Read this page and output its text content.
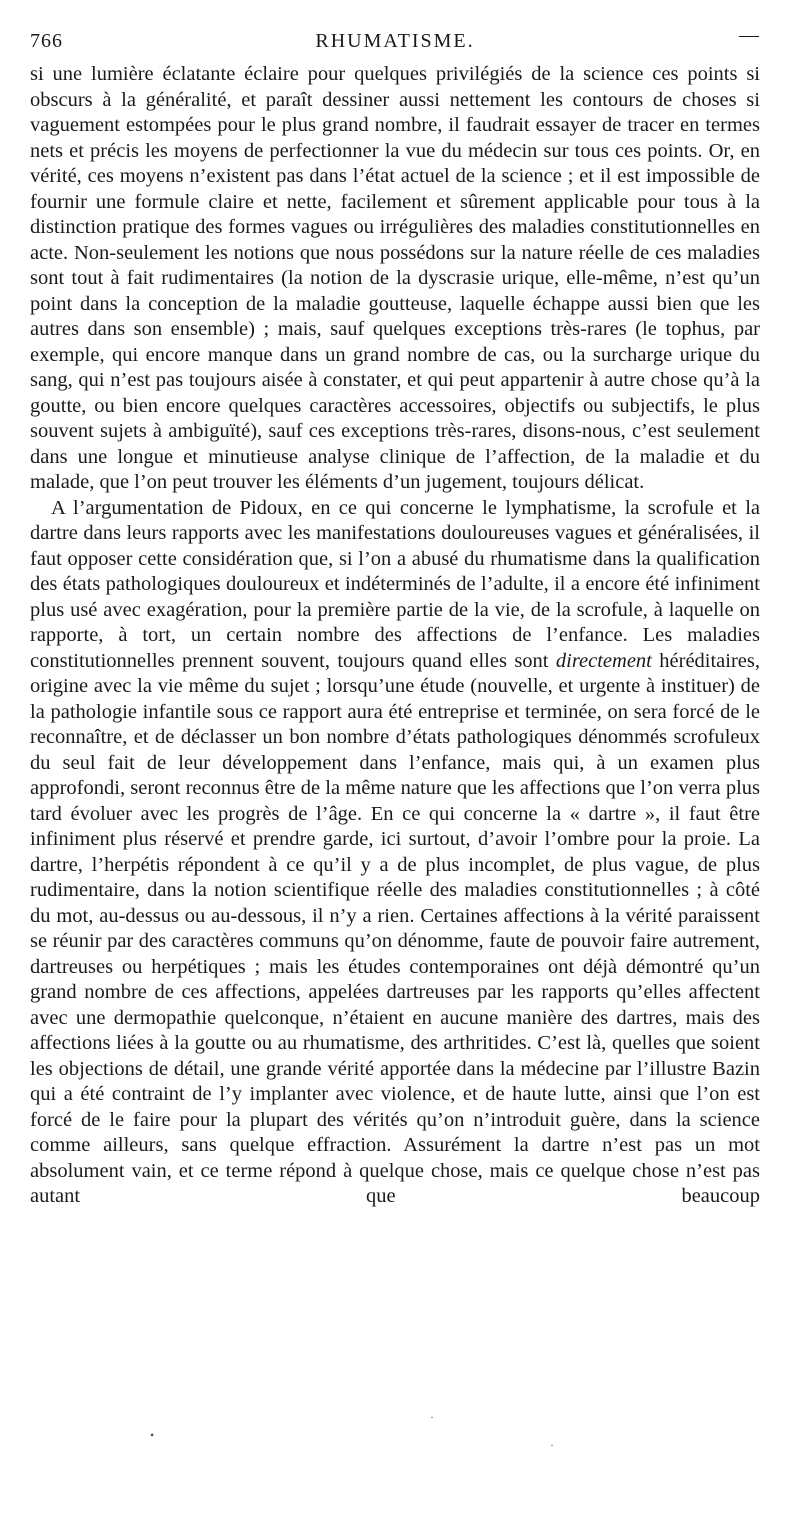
766	RHUMATISME.	—

si une lumière éclatante éclaire pour quelques privilégiés de la science ces points si obscurs à la généralité, et paraît dessiner aussi nettement les contours de choses si vaguement estompées pour le plus grand nombre, il faudrait essayer de tracer en termes nets et précis les moyens de perfectionner la vue du médecin sur tous ces points. Or, en vérité, ces moyens n’existent pas dans l’état actuel de la science ; et il est impossible de fournir une formule claire et nette, facilement et sûrement applicable pour tous à la distinction pratique des formes vagues ou irrégulières des maladies constitutionnelles en acte. Non-seulement les notions que nous possédons sur la nature réelle de ces maladies sont tout à fait rudimentaires (la notion de la dyscrasie urique, elle-même, n’est qu’un point dans la conception de la maladie goutteuse, laquelle échappe aussi bien que les autres dans son ensemble) ; mais, sauf quelques exceptions très-rares (le tophus, par exemple, qui encore manque dans un grand nombre de cas, ou la surcharge urique du sang, qui n’est pas toujours aisée à constater, et qui peut appartenir à autre chose qu’à la goutte, ou bien encore quelques caractères accessoires, objectifs ou subjectifs, le plus souvent sujets à ambiguïté), sauf ces exceptions très-rares, disons-nous, c’est seulement dans une longue et minutieuse analyse clinique de l’affection, de la maladie et du malade, que l’on peut trouver les éléments d’un jugement, toujours délicat.

A l’argumentation de Pidoux, en ce qui concerne le lymphatisme, la scrofule et la dartre dans leurs rapports avec les manifestations douloureuses vagues et généralisées, il faut opposer cette considération que, si l’on a abusé du rhumatisme dans la qualification des états pathologiques douloureux et indéterminés de l’adulte, il a encore été infiniment plus usé avec exagération, pour la première partie de la vie, de la scrofule, à laquelle on rapporte, à tort, un certain nombre des affections de l’enfance. Les maladies constitutionnelles prennent souvent, toujours quand elles sont directement héréditaires, origine avec la vie même du sujet ; lorsqu’une étude (nouvelle, et urgente à instituer) de la pathologie infantile sous ce rapport aura été entreprise et terminée, on sera forcé de le reconnaître, et de déclasser un bon nombre d’états pathologiques dénommés scrofuleux du seul fait de leur développement dans l’enfance, mais qui, à un examen plus approfondi, seront reconnus être de la même nature que les affections que l’on verra plus tard évoluer avec les progrès de l’âge. En ce qui concerne la « dartre », il faut être infiniment plus réservé et prendre garde, ici surtout, d’avoir l’ombre pour la proie. La dartre, l’herpétis répondent à ce qu’il y a de plus incomplet, de plus vague, de plus rudimentaire, dans la notion scientifique réelle des maladies constitutionnelles ; à côté du mot, au-dessus ou au-dessous, il n’y a rien. Certaines affections à la vérité paraissent se réunir par des caractères communs qu’on dénomme, faute de pouvoir faire autrement, dartreuses ou herpétiques ; mais les études contemporaines ont déjà démontré qu’un grand nombre de ces affections, appelées dartreuses par les rapports qu’elles affectent avec une dermopathie quelconque, n’étaient en aucune manière des dartres, mais des affections liées à la goutte ou au rhumatisme, des arthritides. C’est là, quelles que soient les objections de détail, une grande vérité apportée dans la médecine par l’illustre Bazin qui a été contraint de l’y implanter avec violence, et de haute lutte, ainsi que l’on est forcé de le faire pour la plupart des vérités qu’on n’introduit guère, dans la science comme ailleurs, sans quelque effraction. Assurément la dartre n’est pas un mot absolument vain, et ce terme répond à quelque chose, mais ce quelque chose n’est pas autant que beaucoup

•
·
·
